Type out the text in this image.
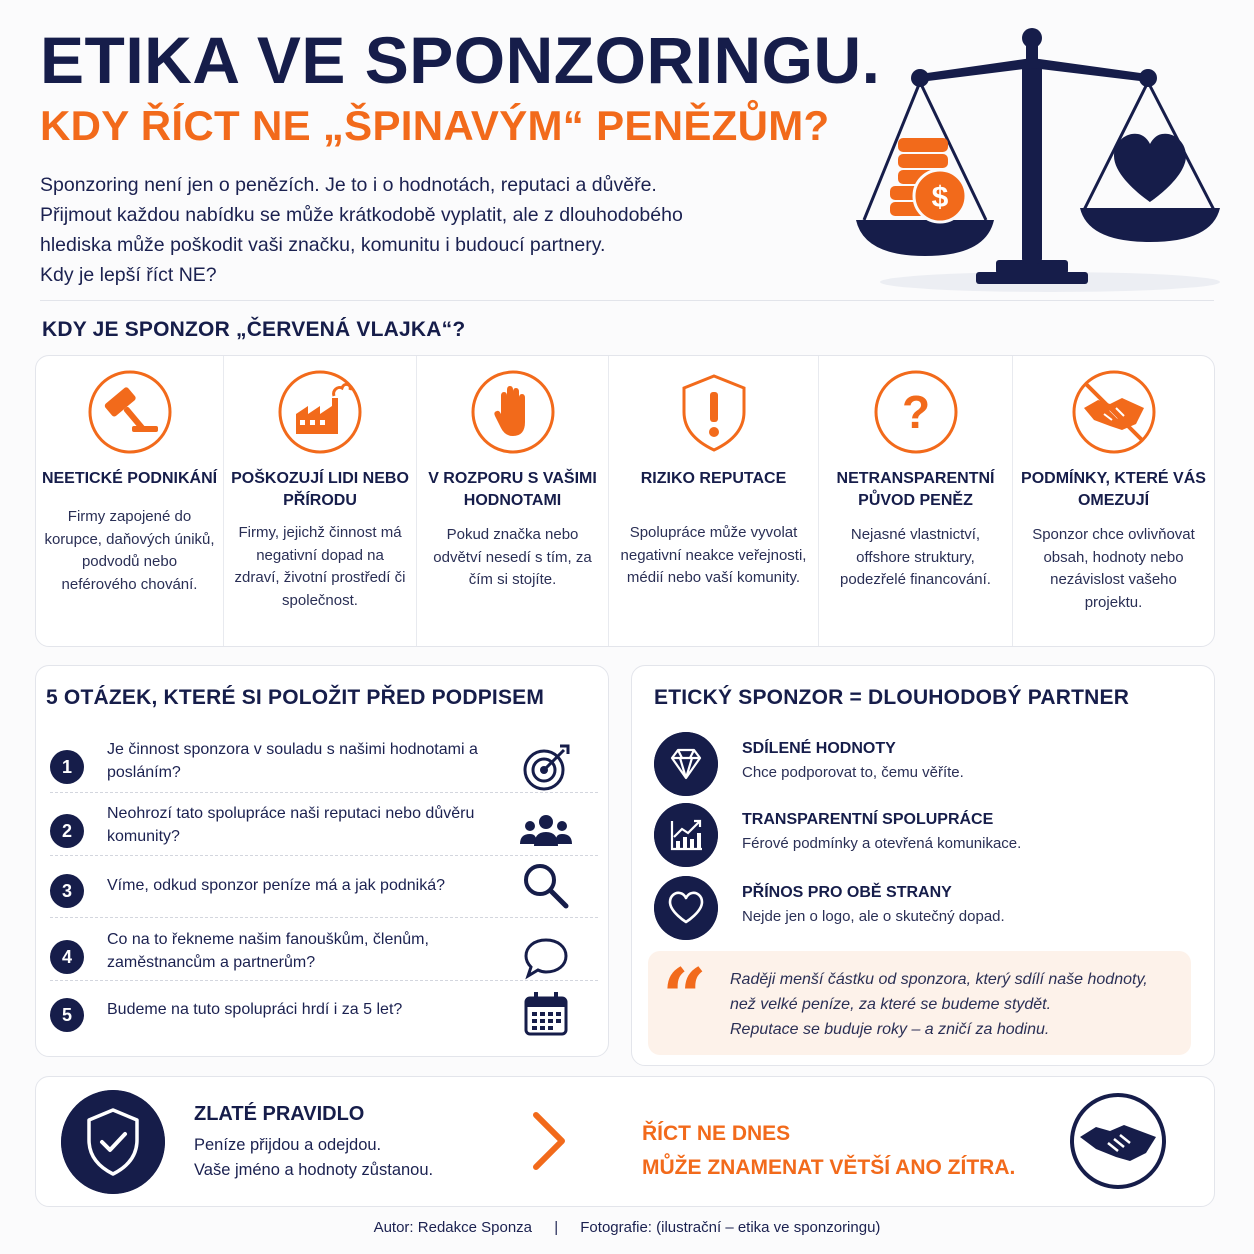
ETIKA VE SPONZORINGU.
KDY ŘÍCT NE „ŠPINAVÝM“ PENĚZŮM?

Sponzoring není jen o penězích. Je to i o hodnotách, reputaci a důvěře.

Přijmout každou nabídku se může krátkodobě vyplatit, ale z dlouhodobého

hlediska může poškodit vaši značku, komunitu i budoucí partnery.

Kdy je lepší říct NE?

$
KDY JE SPONZOR „ČERVENÁ VLAJKA“?
NEETICKÉ PODNIKÁNÍ
Firmy zapojené do korupce, daňových úniků, podvodů nebo neférového chování.
POŠKOZUJÍ LIDI NEBO PŘÍRODU
Firmy, jejichž činnost má negativní dopad na zdraví, životní prostředí či společnost.
V ROZPORU S VAŠIMI HODNOTAMI
Pokud značka nebo odvětví nesedí s tím, za čím si stojíte.
RIZIKO REPUTACE
Spolupráce může vyvolat negativní neakce veřejnosti, médií nebo vaší komunity.
?
NETRANSPARENTNÍ PŮVOD PENĚZ
Nejasné vlastnictví, offshore struktury, podezřelé financování.
PODMÍNKY, KTERÉ VÁS OMEZUJÍ
Sponzor chce ovlivňovat obsah, hodnoty nebo nezávislost vašeho projektu.
5 OTÁZEK, KTERÉ SI POLOŽIT PŘED PODPISEM
1
Je činnost sponzora v souladu s našimi hodnotami a posláním?
2
Neohrozí tato spolupráce naši reputaci nebo důvěru komunity?
3	Víme, odkud sponzor peníze má a jak podniká?
4
Co na to řekneme našim fanouškům, členům, zaměstnancům a partnerům?
5	Budeme na tuto spolupráci hrdí i za 5 let?
ETICKÝ SPONZOR = DLOUHODOBÝ PARTNER
SDÍLENÉ HODNOTY
Chce podporovat to, čemu věříte.
TRANSPARENTNÍ SPOLUPRÁCE
Férové podmínky a otevřená komunikace.
PŘÍNOS PRO OBĚ STRANY
Nejde jen o logo, ale o skutečný dopad.
“ Raději menší částku od sponzora, který sdílí naše hodnoty,
než velké peníze, za které se budeme stydět.
Reputace se buduje roky – a zničí za hodinu.
ZLATÉ PRAVIDLO
Peníze přijdou a odejdou.
Vaše jméno a hodnoty zůstanou.
ŘÍCT NE DNES
MŮŽE ZNAMENAT VĚTŠÍ ANO ZÍTRA.
Autor: Redakce Sponza | Fotografie: (ilustrační – etika ve sponzoringu)
